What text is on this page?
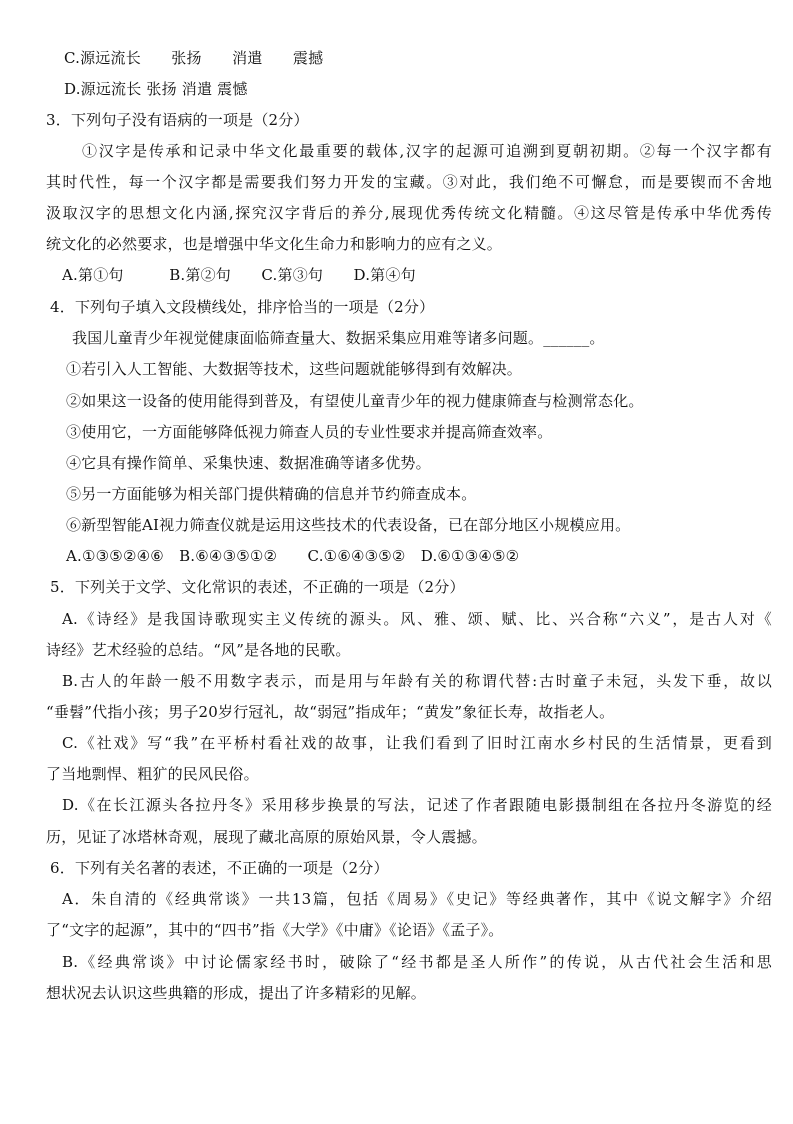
C.源远流长　　张扬　　消遣　　震撼
D.源远流长 张扬 消遣 震憾
3．下列句子没有语病的一项是（2分）
①汉字是传承和记录中华文化最重要的载体,汉字的起源可追溯到夏朝初期。②每一个汉字都有
其时代性，每一个汉字都是需要我们努力开发的宝藏。③对此，我们绝不可懈怠，而是要锲而不舍地
汲取汉字的思想文化内涵,探究汉字背后的养分,展现优秀传统文化精髓。④这尽管是传承中华优秀传
统文化的必然要求，也是增强中华文化生命力和影响力的应有之义。
A.第①句　　　B.第②句　　C.第③句　　D.第④句
4．下列句子填入文段横线处，排序恰当的一项是（2分）
我国儿童青少年视觉健康面临筛查量大、数据采集应用难等诸多问题。______。
①若引入人工智能、大数据等技术，这些问题就能够得到有效解决。
②如果这一设备的使用能得到普及，有望使儿童青少年的视力健康筛查与检测常态化。
③使用它，一方面能够降低视力筛查人员的专业性要求并提高筛查效率。
④它具有操作简单、采集快速、数据准确等诸多优势。
⑤另一方面能够为相关部门提供精确的信息并节约筛查成本。
⑥新型智能AI视力筛查仪就是运用这些技术的代表设备，已在部分地区小规模应用。
A.①③⑤②④⑥　B.⑥④③⑤①②　　C.①⑥④③⑤②　D.⑥①③④⑤②
5．下列关于文学、文化常识的表述，不正确的一项是（2分）
A.《诗经》是我国诗歌现实主义传统的源头。风、雅、颂、赋、比、兴合称“六义”，是古人对《
诗经》艺术经验的总结。“风”是各地的民歌。
B.古人的年龄一般不用数字表示，而是用与年龄有关的称谓代替:古时童子未冠，头发下垂，故以
“垂髫”代指小孩；男子20岁行冠礼，故“弱冠”指成年；“黄发”象征长寿，故指老人。
C.《社戏》写“我”在平桥村看社戏的故事，让我们看到了旧时江南水乡村民的生活情景，更看到
了当地剽悍、粗犷的民风民俗。
D.《在长江源头各拉丹冬》采用移步换景的写法，记述了作者跟随电影摄制组在各拉丹冬游览的经
历，见证了冰塔林奇观，展现了藏北高原的原始风景，令人震撼。
6．下列有关名著的表述，不正确的一项是（2分）
A．朱自清的《经典常谈》一共13篇，包括《周易》《史记》等经典著作，其中《说文解字》介绍
了“文字的起源”，其中的“四书”指《大学》《中庸》《论语》《孟子》。
B.《经典常谈》中讨论儒家经书时，破除了“经书都是圣人所作”的传说，从古代社会生活和思
想状况去认识这些典籍的形成，提出了许多精彩的见解。
